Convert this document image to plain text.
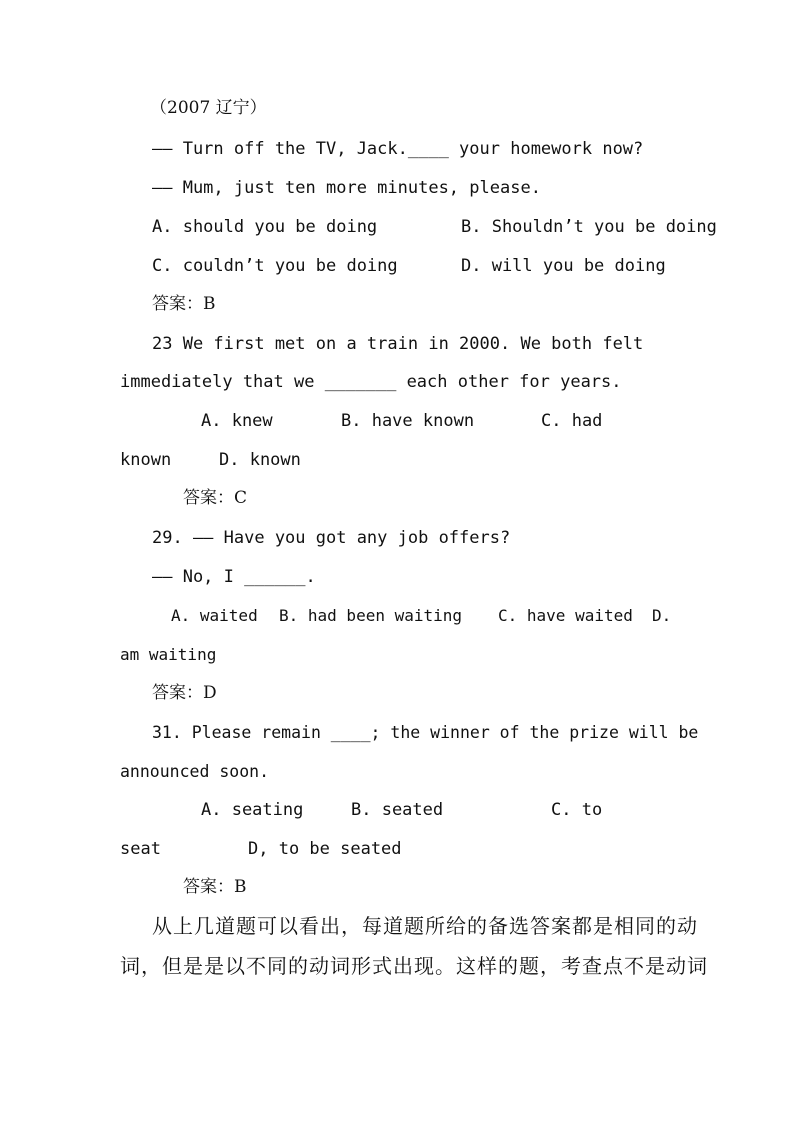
（2007 辽宁）
—— Turn off the TV, Jack.____ your homework now?
—— Mum, just ten more minutes, please.
A. should you be doing	B. Shouldn’t you be doing
C. couldn’t you be doing	D. will you be doing
答案：B
23 We first met on a train in 2000. We both felt
immediately that we _______ each other for years.
A. knew	B. have known	C. had
known	D. known
答案：C
29. —— Have you got any job offers?
—— No, I ______.
A. waited B. had been waiting C. have waited D.
am waiting
答案：D
31. Please remain ____; the winner of the prize will be
announced soon.
A. seating	B. seated	C. to
seat	D, to be seated
答案：B
从上几道题可以看出，每道题所给的备选答案都是相同的动
词，但是是以不同的动词形式出现。这样的题，考查点不是动词
